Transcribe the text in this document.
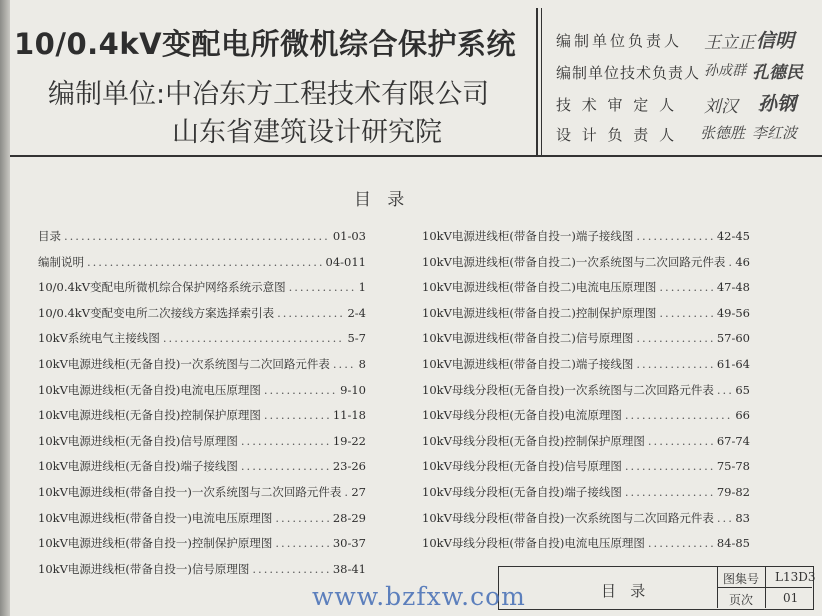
10/0.4kV变配电所微机综合保护系统
编制单位:中冶东方工程技术有限公司
山东省建筑设计研究院
编制单位负责人 王立正 信明
编制单位技术负责人 孙成群 孔德民
技 术 审 定 人 刘汉 孙钢
设 计 负 责 人 张德胜 李红波
目   录
目录 .....	01-03
编制说明 .....	04-011
10/0.4kV变配电所微机综合保护网络系统示意图 .....	1
10/0.4kV变配变电所二次接线方案选择索引表 .....	2-4
10kV系统电气主接线图 .....	5-7
10kV电源进线柜(无备自投)一次系统图与二次回路元件表 .....	8
10kV电源进线柜(无备自投)电流电压原理图 .....	9-10
10kV电源进线柜(无备自投)控制保护原理图 .....	11-18
10kV电源进线柜(无备自投)信号原理图 .....	19-22
10kV电源进线柜(无备自投)端子接线图 .....	23-26
10kV电源进线柜(带备自投一)一次系统图与二次回路元件表 ..... 27
10kV电源进线柜(带备自投一)电流电压原理图 .....	28-29
10kV电源进线柜(带备自投一)控制保护原理图 .....	30-37
10kV电源进线柜(带备自投一)信号原理图 .....	38-41
10kV电源进线柜(带备自投一)端子接线图 .....	42-45
10kV电源进线柜(带备自投二)一次系统图与二次回路元件表 ..... 46
10kV电源进线柜(带备自投二)电流电压原理图 .....	47-48
10kV电源进线柜(带备自投二)控制保护原理图 .....	49-56
10kV电源进线柜(带备自投二)信号原理图 .....	57-60
10kV电源进线柜(带备自投二)端子接线图 .....	61-64
10kV母线分段柜(无备自投)一次系统图与二次回路元件表 ..... 65
10kV母线分段柜(无备自投)电流原理图 .....	66
10kV母线分段柜(无备自投)控制保护原理图 .....	67-74
10kV母线分段柜(无备自投)信号原理图 .....	75-78
10kV母线分段柜(无备自投)端子接线图 .....	79-82
10kV母线分段柜(带备自投)一次系统图与二次回路元件表 ..... 83
10kV母线分段柜(带备自投)电流电压原理图 .....	84-85
目   录
图集号 L13D3
页次 01
www.bzfxw.com
